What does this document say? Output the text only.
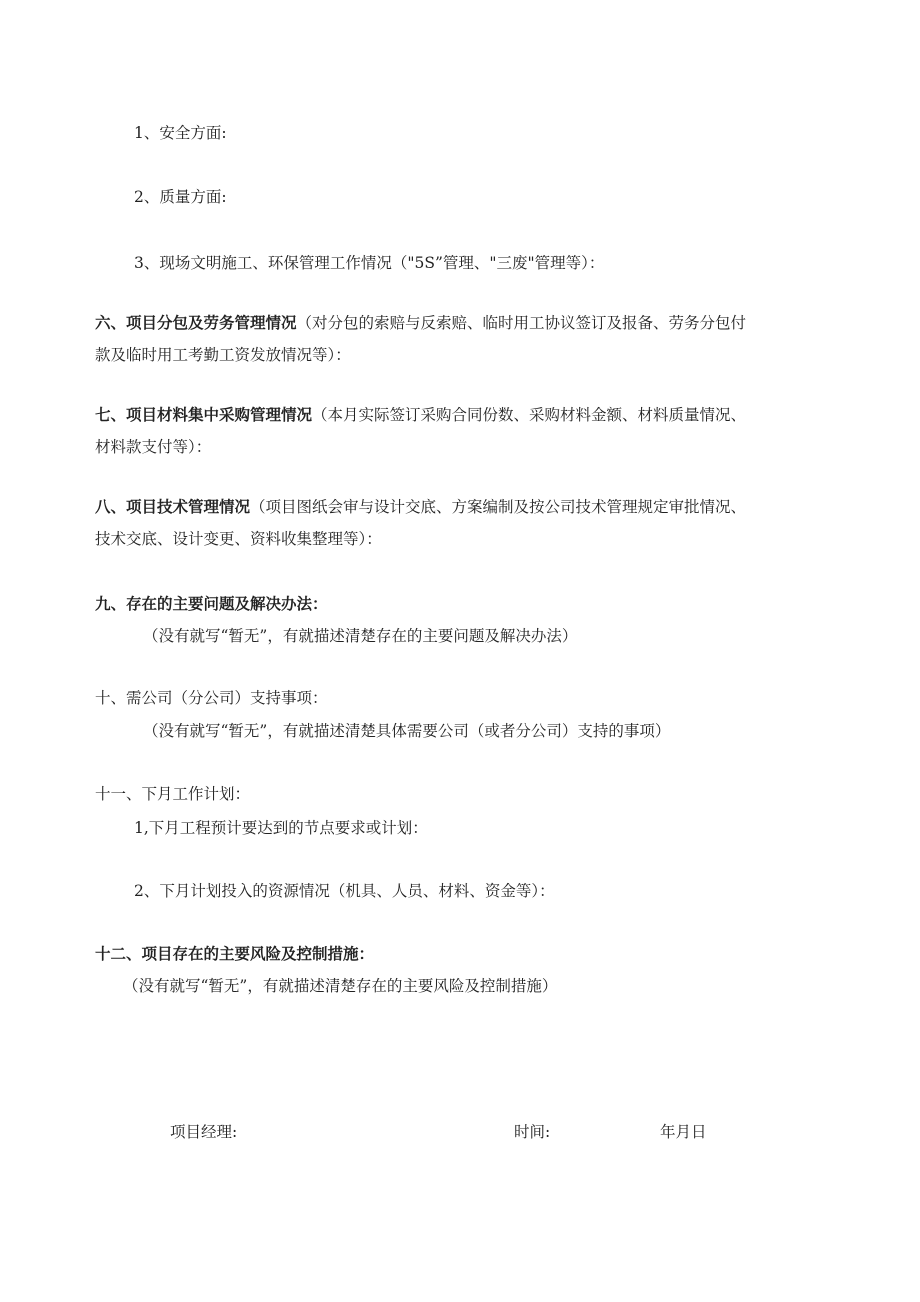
1、安全方面:
2、质量方面:
3、现场文明施工、环保管理工作情况（"5S”管理、"三废"管理等）：
六、项目分包及劳务管理情况（对分包的索赔与反索赔、临时用工协议签订及报备、劳务分包付
款及临时用工考勤工资发放情况等）：
七、项目材料集中采购管理情况（本月实际签订采购合同份数、采购材料金额、材料质量情况、
材料款支付等）：
八、项目技术管理情况（项目图纸会审与设计交底、方案编制及按公司技术管理规定审批情况、
技术交底、设计变更、资料收集整理等）：
九、存在的主要问题及解决办法：
（没有就写“暂无”，有就描述清楚存在的主要问题及解决办法）
十、需公司（分公司）支持事项：
（没有就写“暂无”，有就描述清楚具体需要公司（或者分公司）支持的事项）
十一、下月工作计划：
1,下月工程预计要达到的节点要求或计划：
2、下月计划投入的资源情况（机具、人员、材料、资金等）：
十二、项目存在的主要风险及控制措施：
（没有就写“暂无”，有就描述清楚存在的主要风险及控制措施）
项目经理:	时间:	年月日
